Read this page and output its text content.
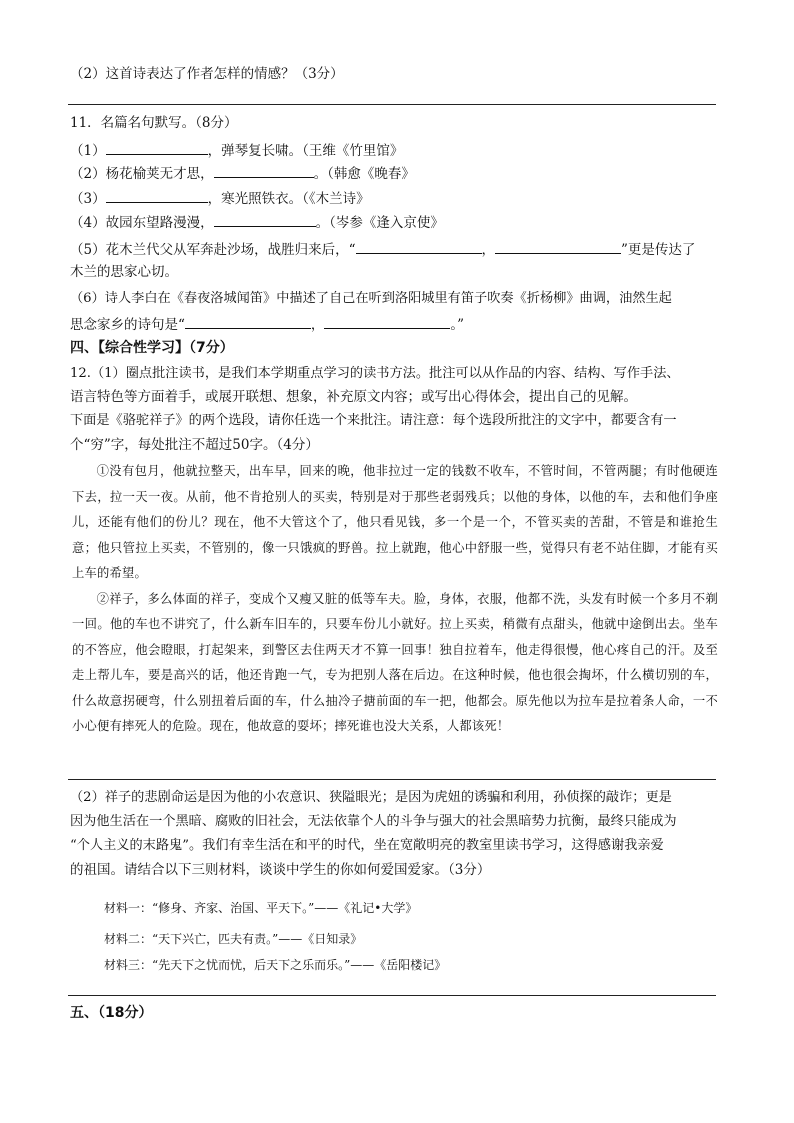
（2）这首诗表达了作者怎样的情感？（3分）
11．名篇名句默写。（8分）
（1）	，弹琴复长啸。（王维《竹里馆》
（2）杨花榆荚无才思，	。（韩愈《晚春》
（3）	，寒光照铁衣。（《木兰诗》
（4）故园东望路漫漫，	。（岑参《逢入京使》
（5）花木兰代父从军奔赴沙场，战胜归来后，“	，	”更是传达了
木兰的思家心切。
（6）诗人李白在《春夜洛城闻笛》中描述了自己在听到洛阳城里有笛子吹奏《折杨柳》曲调，油然生起
思念家乡的诗句是“	，	。”
四、【综合性学习】（7分）
12.（1）圈点批注读书，是我们本学期重点学习的读书方法。批注可以从作品的内容、结构、写作手法、
语言特色等方面着手，或展开联想、想象，补充原文内容；或写出心得体会，提出自己的见解。
下面是《骆驼祥子》的两个选段，请你任选一个来批注。请注意：每个选段所批注的文字中，都要含有一
个“穷”字，每处批注不超过50字。（4分）

①没有包月，他就拉整天，出车早，回来的晚，他非拉过一定的钱数不收车，不管时间，不管两腿；有时他硬连下去，拉一天一夜。从前，他不肯抢别人的买卖，特别是对于那些老弱残兵；以他的身体，以他的车，去和他们争座儿，还能有他们的份儿？现在，他不大管这个了，他只看见钱，多一个是一个，不管买卖的苦甜，不管是和谁抢生意；他只管拉上买卖，不管别的，像一只饿疯的野兽。拉上就跑，他心中舒服一些，觉得只有老不站住脚，才能有买上车的希望。

②祥子，多么体面的祥子，变成个又瘦又脏的低等车夫。脸，身体，衣服，他都不洗，头发有时候一个多月不剃一回。他的车也不讲究了，什么新车旧车的，只要车份儿小就好。拉上买卖，稍微有点甜头，他就中途倒出去。坐车的不答应，他会瞪眼，打起架来，到警区去住两天才不算一回事！独自拉着车，他走得很慢，他心疼自己的汗。及至走上帮儿车，要是高兴的话，他还肯跑一气，专为把别人落在后边。在这种时候，他也很会掏坏，什么横切别的车，什么故意拐硬弯，什么别扭着后面的车，什么抽冷子搪前面的车一把，他都会。原先他以为拉车是拉着条人命，一不小心便有摔死人的危险。现在，他故意的耍坏；摔死谁也没大关系，人都该死！

（2）祥子的悲剧命运是因为他的小农意识、狭隘眼光；是因为虎妞的诱骗和利用，孙侦探的敲诈；更是
因为他生活在一个黑暗、腐败的旧社会，无法依靠个人的斗争与强大的社会黑暗势力抗衡，最终只能成为
“个人主义的末路鬼”。我们有幸生活在和平的时代，坐在宽敞明亮的教室里读书学习，这得感谢我亲爱
的祖国。请结合以下三则材料，谈谈中学生的你如何爱国爱家。（3分）
材料一：“修身、齐家、治国、平天下。”——《礼记•大学》
材料二：“天下兴亡，匹夫有责。”——《日知录》
材料三：“先天下之忧而忧，后天下之乐而乐。”——《岳阳楼记》
五、（18分）
